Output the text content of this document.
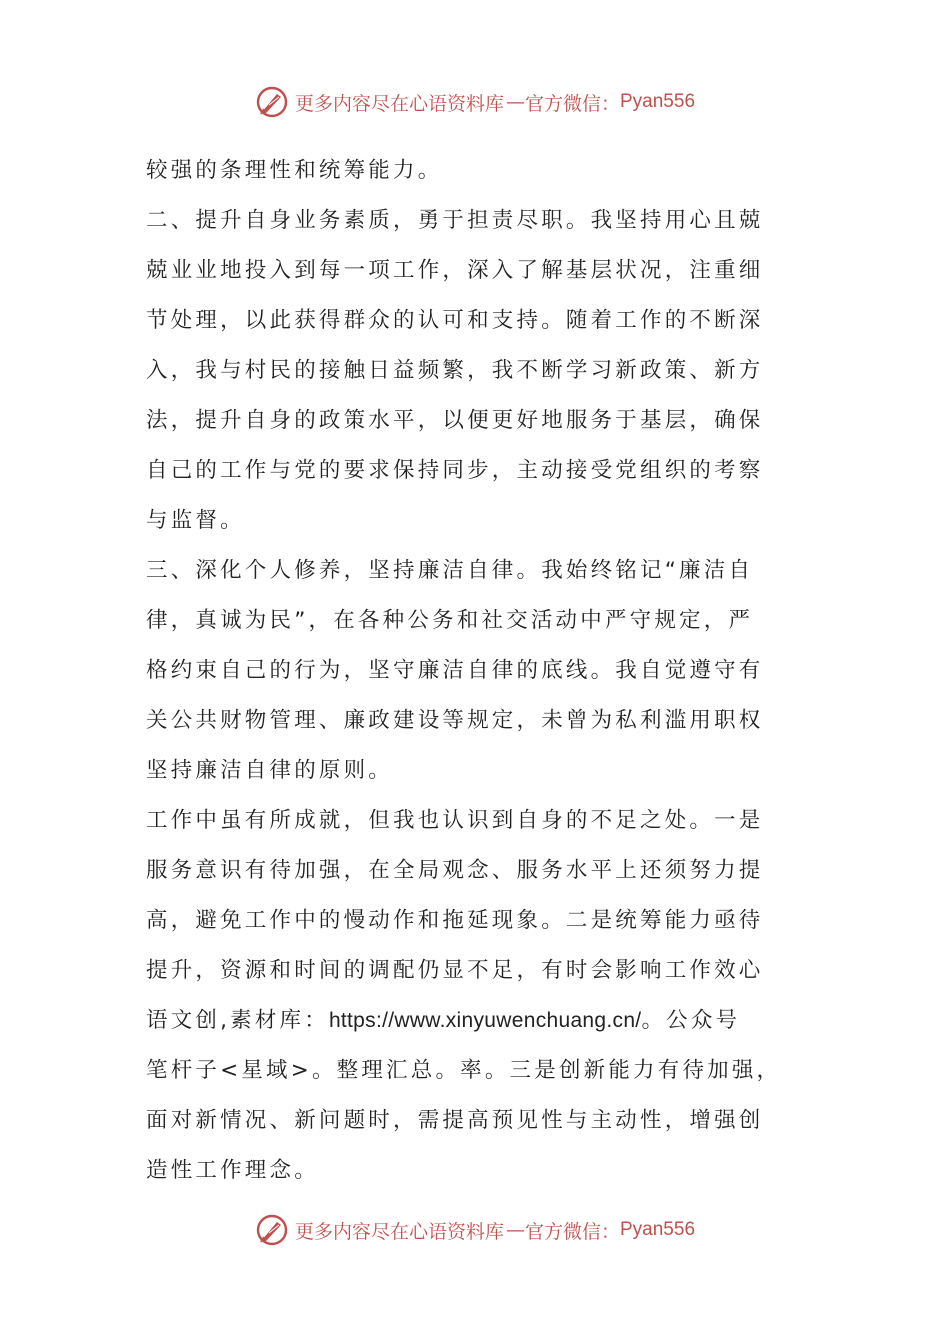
更多内容尽在心语资料库 — 官方微信： Pyan556
较强的条理性和统筹能力。
二、提升自身业务素质，勇于担责尽职。我坚持用心且兢
兢业业地投入到每一项工作，深入了解基层状况，注重细
节处理，以此获得群众的认可和支持。随着工作的不断深
入，我与村民的接触日益频繁，我不断学习新政策、新方
法，提升自身的政策水平，以便更好地服务于基层，确保
自己的工作与党的要求保持同步，主动接受党组织的考察
与监督。
三、深化个人修养，坚持廉洁自律。我始终铭记“廉洁自
律，真诚为民”，在各种公务和社交活动中严守规定，严
格约束自己的行为，坚守廉洁自律的底线。我自觉遵守有
关公共财物管理、廉政建设等规定，未曾为私利滥用职权
坚持廉洁自律的原则。
工作中虽有所成就，但我也认识到自身的不足之处。一是
服务意识有待加强，在全局观念、服务水平上还须努力提
高，避免工作中的慢动作和拖延现象。二是统筹能力亟待
提升，资源和时间的调配仍显不足，有时会影响工作效心
语文创,素材库：https://www.xinyuwenchuang.cn/。公众号
笔杆子<星域>。整理汇总。率。三是创新能力有待加强，
面对新情况、新问题时，需提高预见性与主动性，增强创
造性工作理念。
更多内容尽在心语资料库 — 官方微信： Pyan556
